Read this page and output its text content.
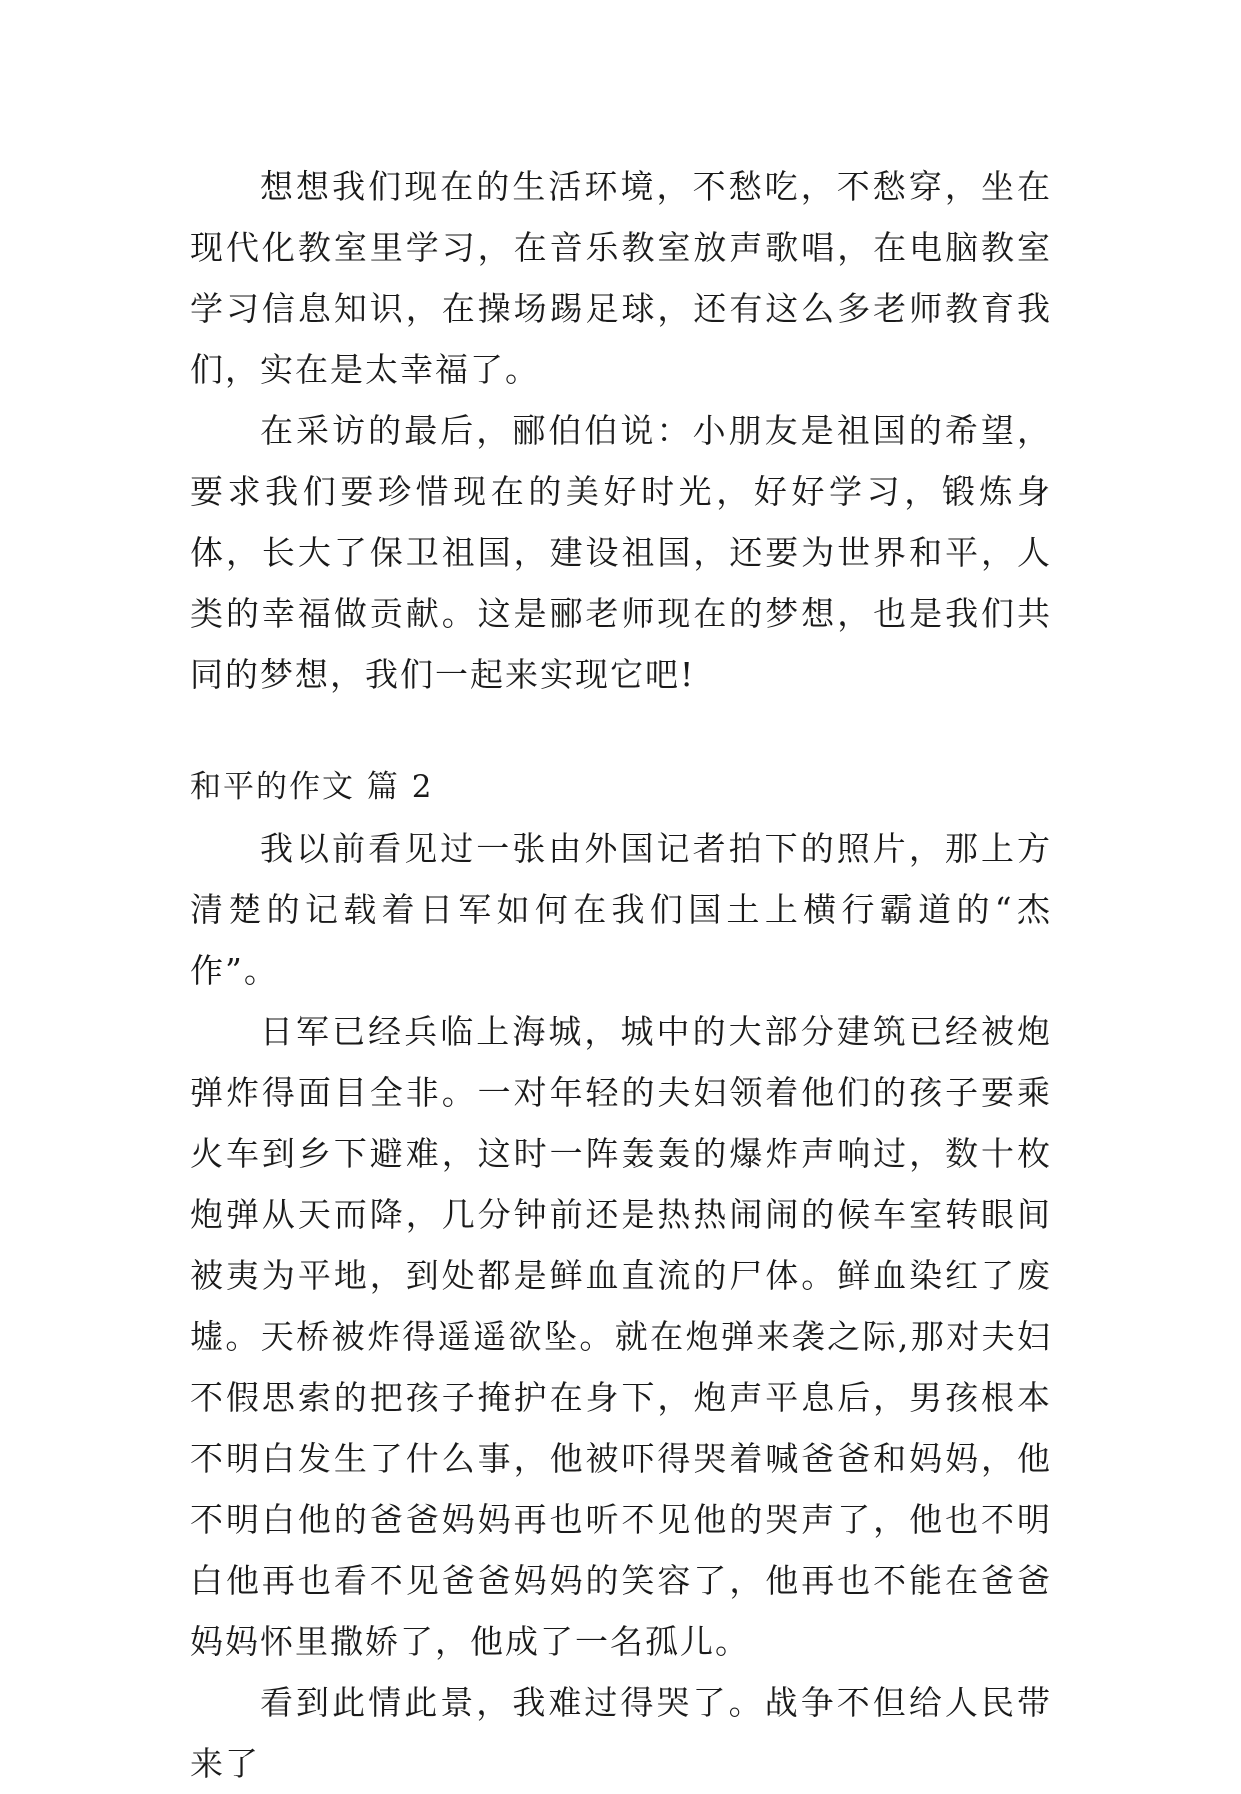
想想我们现在的生活环境，不愁吃，不愁穿，坐在现代化教室里学习，在音乐教室放声歌唱，在电脑教室学习信息知识，在操场踢足球，还有这么多老师教育我们，实在是太幸福了。

在采访的最后，郦伯伯说：小朋友是祖国的希望，要求我们要珍惜现在的美好时光，好好学习，锻炼身体，长大了保卫祖国，建设祖国，还要为世界和平，人类的幸福做贡献。这是郦老师现在的梦想，也是我们共同的梦想，我们一起来实现它吧!

和平的作文 篇 2

我以前看见过一张由外国记者拍下的照片，那上方清楚的记载着日军如何在我们国土上横行霸道的“杰作”。

日军已经兵临上海城，城中的大部分建筑已经被炮弹炸得面目全非。一对年轻的夫妇领着他们的孩子要乘火车到乡下避难，这时一阵轰轰的爆炸声响过，数十枚炮弹从天而降，几分钟前还是热热闹闹的候车室转眼间被夷为平地，到处都是鲜血直流的尸体。鲜血染红了废墟。天桥被炸得遥遥欲坠。就在炮弹来袭之际,那对夫妇不假思索的把孩子掩护在身下，炮声平息后，男孩根本不明白发生了什么事，他被吓得哭着喊爸爸和妈妈，他不明白他的爸爸妈妈再也听不见他的哭声了，他也不明白他再也看不见爸爸妈妈的笑容了，他再也不能在爸爸妈妈怀里撒娇了，他成了一名孤儿。

看到此情此景，我难过得哭了。战争不但给人民带来了
